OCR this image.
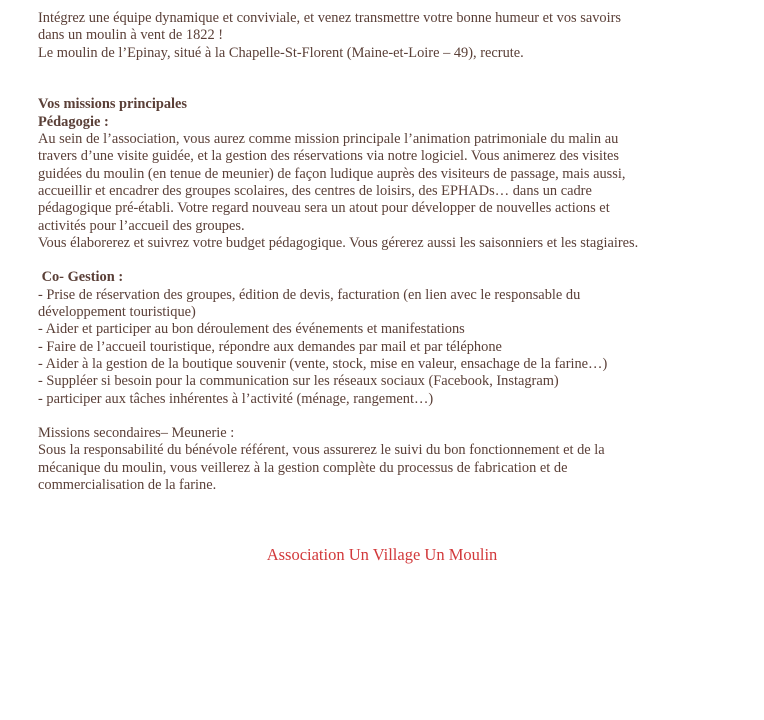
Intégrez une équipe dynamique et conviviale, et venez transmettre votre bonne humeur et vos savoirs
dans un moulin à vent de 1822 !
Le moulin de l’Epinay, situé à la Chapelle-St-Florent (Maine-et-Loire – 49), recrute.
Vos missions principales
Pédagogie :
Au sein de l’association, vous aurez comme mission principale l’animation patrimoniale du malin au
travers d’une visite guidée, et la gestion des réservations via notre logiciel. Vous animerez des visites
guidées du moulin (en tenue de meunier) de façon ludique auprès des visiteurs de passage, mais aussi,
accueillir et encadrer des groupes scolaires, des centres de loisirs, des EPHADs… dans un cadre
pédagogique pré-établi. Votre regard nouveau sera un atout pour développer de nouvelles actions et
activités pour l’accueil des groupes.
Vous élaborerez et suivrez votre budget pédagogique. Vous gérerez aussi les saisonniers et les stagiaires.
Co- Gestion :
- Prise de réservation des groupes, édition de devis, facturation (en lien avec le responsable du
développement touristique)
- Aider et participer au bon déroulement des événements et manifestations
- Faire de l’accueil touristique, répondre aux demandes par mail et par téléphone
- Aider à la gestion de la boutique souvenir (vente, stock, mise en valeur, ensachage de la farine…)
- Suppléer si besoin pour la communication sur les réseaux sociaux (Facebook, Instagram)
- participer aux tâches inhérentes à l’activité (ménage, rangement…)
Missions secondaires– Meunerie :
Sous la responsabilité du bénévole référent, vous assurerez le suivi du bon fonctionnement et de la
mécanique du moulin, vous veillerez à la gestion complète du processus de fabrication et de
commercialisation de la farine.
Association Un Village Un Moulin
